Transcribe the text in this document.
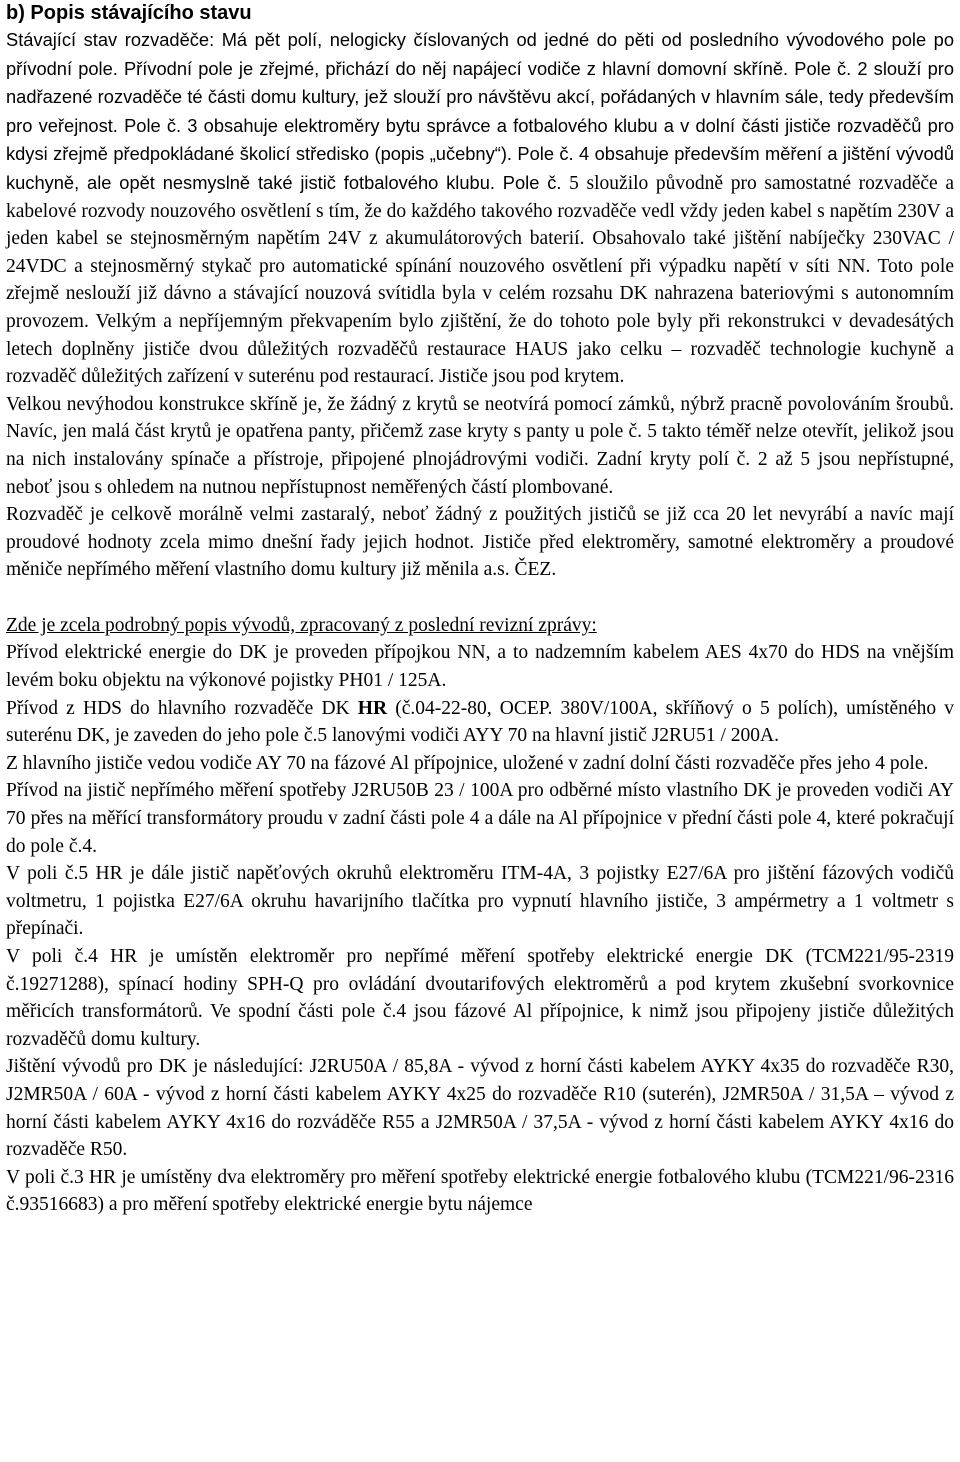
b) Popis stávajícího stavu

Stávající stav rozvaděče: Má pět polí, nelogicky číslovaných od jedné do pěti od posledního vývodového pole po přívodní pole. Přívodní pole je zřejmé, přichází do něj napájecí vodiče z hlavní domovní skříně. Pole č. 2 slouží pro nadřazené rozvaděče té části domu kultury, jež slouží pro návštěvu akcí, pořádaných v hlavním sále, tedy především pro veřejnost. Pole č. 3 obsahuje elektroměry bytu správce a fotbalového klubu a v dolní části jističe rozvaděčů pro kdysi zřejmě předpokládané školicí středisko (popis „učebny“). Pole č. 4 obsahuje především měření a jištění vývodů kuchyně, ale opět nesmyslně také jistič fotbalového klubu. Pole č. 5 sloužilo původně pro samostatné rozvaděče a kabelové rozvody nouzového osvětlení s tím, že do každého takového rozvaděče vedl vždy jeden kabel s napětím 230V a jeden kabel se stejnosměrným napětím 24V z akumulátorových baterií. Obsahovalo také jištění nabíječky 230VAC / 24VDC a stejnosměrný stykač pro automatické spínání nouzového osvětlení při výpadku napětí v síti NN. Toto pole zřejmě neslouží již dávno a stávající nouzová svítidla byla v celém rozsahu DK nahrazena bateriovými s autonomním provozem. Velkým a nepříjemným překvapením bylo zjištění, že do tohoto pole byly při rekonstrukci v devadesátých letech doplněny jističe dvou důležitých rozvaděčů restaurace HAUS jako celku – rozvaděč technologie kuchyně a rozvaděč důležitých zařízení v suterénu pod restaurací. Jističe jsou pod krytem.

Velkou nevýhodou konstrukce skříně je, že žádný z krytů se neotvírá pomocí zámků, nýbrž pracně povolováním šroubů. Navíc, jen malá část krytů je opatřena panty, přičemž zase kryty s panty u pole č. 5 takto téměř nelze otevřít, jelikož jsou na nich instalovány spínače a přístroje, připojené plnojádrovými vodiči. Zadní kryty polí č. 2 až 5 jsou nepřístupné, neboť jsou s ohledem na nutnou nepřístupnost neměřených částí plombované.

Rozvaděč je celkově morálně velmi zastaralý, neboť žádný z použitých jističů se již cca 20 let nevyrábí a navíc mají proudové hodnoty zcela mimo dnešní řady jejich hodnot. Jističe před elektroměry, samotné elektroměry a proudové měniče nepřímého měření vlastního domu kultury již měnila a.s. ČEZ.

Zde je zcela podrobný popis vývodů, zpracovaný z poslední revizní zprávy:

Přívod elektrické energie do DK je proveden přípojkou NN, a to nadzemním kabelem AES 4x70 do HDS na vnějším levém boku objektu na výkonové pojistky PH01 / 125A.

Přívod z HDS do hlavního rozvaděče DK HR (č.04-22-80, OCEP. 380V/100A, skříňový o 5 polích), umístěného v suterénu DK, je zaveden do jeho pole č.5 lanovými vodiči AYY 70 na hlavní jistič J2RU51 / 200A.

Z hlavního jističe vedou vodiče AY 70 na fázové Al přípojnice, uložené v zadní dolní části rozvaděče přes jeho 4 pole.

Přívod na jistič nepřímého měření spotřeby J2RU50B 23 / 100A pro odběrné místo vlastního DK je proveden vodiči AY 70 přes na měřící transformátory proudu v zadní části pole 4 a dále na Al přípojnice v přední části pole 4, které pokračují do pole č.4.

V poli č.5 HR je dále jistič napěťových okruhů elektroměru ITM-4A, 3 pojistky E27/6A pro jištění fázových vodičů voltmetru, 1 pojistka E27/6A okruhu havarijního tlačítka pro vypnutí hlavního jističe, 3 ampérmetry a 1 voltmetr s přepínači.

V poli č.4 HR je umístěn elektroměr pro nepřímé měření spotřeby elektrické energie DK (TCM221/95-2319 č.19271288), spínací hodiny SPH-Q pro ovládání dvoutarifových elektroměrů a pod krytem zkušební svorkovnice měřicích transformátorů. Ve spodní části pole č.4 jsou fázové Al přípojnice, k nimž jsou připojeny jističe důležitých rozvaděčů domu kultury.

Jištění vývodů pro DK je následující: J2RU50A / 85,8A - vývod z horní části kabelem AYKY 4x35 do rozvaděče R30, J2MR50A / 60A - vývod z horní části kabelem AYKY 4x25 do rozvaděče R10 (suterén), J2MR50A / 31,5A – vývod z horní části kabelem AYKY 4x16 do rozváděče R55 a J2MR50A / 37,5A - vývod z horní části kabelem AYKY 4x16 do rozvaděče R50.

V poli č.3 HR je umístěny dva elektroměry pro měření spotřeby elektrické energie fotbalového klubu (TCM221/96-2316 č.93516683) a pro měření spotřeby elektrické energie bytu nájemce
